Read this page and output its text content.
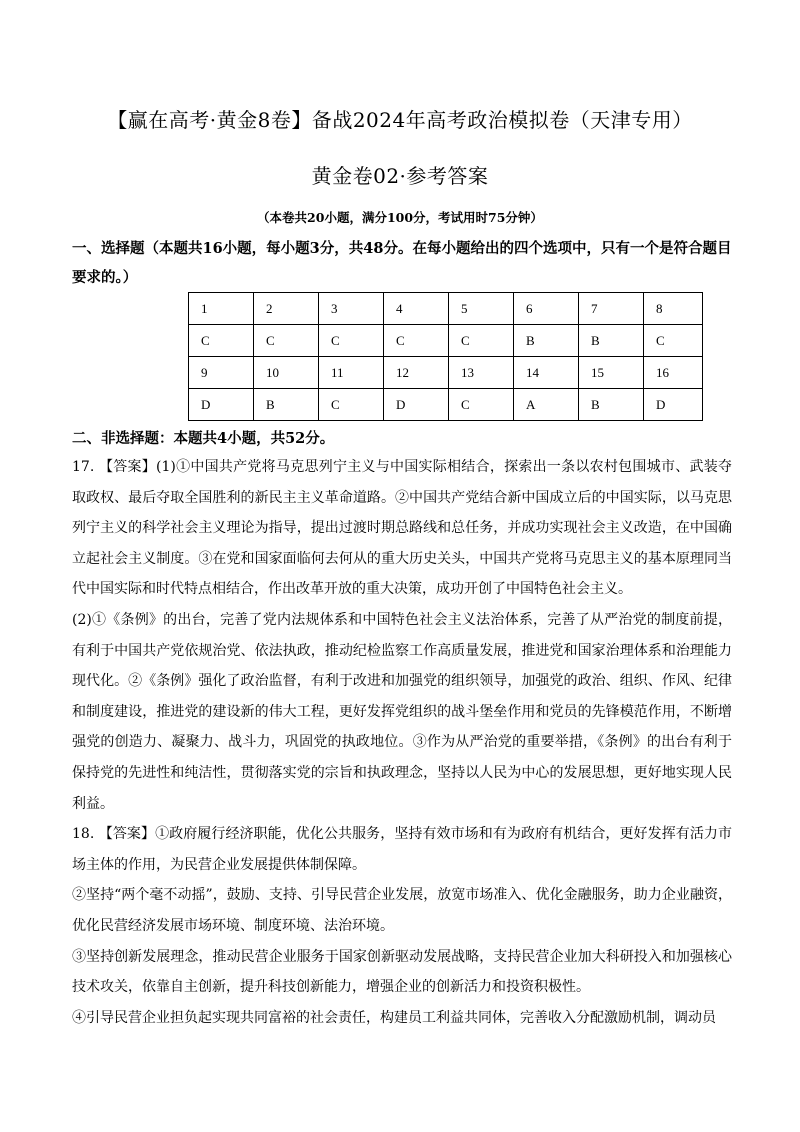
【赢在高考·黄金8卷】备战2024年高考政治模拟卷（天津专用）
黄金卷02·参考答案
（本卷共20小题，满分100分，考试用时75分钟）
一、选择题（本题共16小题，每小题3分，共48分。在每小题给出的四个选项中，只有一个是符合题目要求的。）
1	2	3	4	5	6	7	8
C	C	C	C	C	B	B	C
9	10	11	12	13	14	15	16
D	B	C	D	C	A	B	D
二、非选择题：本题共4小题，共52分。

17. 【答案】(1)①中国共产党将马克思列宁主义与中国实际相结合，探索出一条以农村包围城市、武装夺取政权、最后夺取全国胜利的新民主主义革命道路。②中国共产党结合新中国成立后的中国实际，以马克思列宁主义的科学社会主义理论为指导，提出过渡时期总路线和总任务，并成功实现社会主义改造，在中国确立起社会主义制度。③在党和国家面临何去何从的重大历史关头，中国共产党将马克思主义的基本原理同当代中国实际和时代特点相结合，作出改革开放的重大决策，成功开创了中国特色社会主义。

(2)①《条例》的出台，完善了党内法规体系和中国特色社会主义法治体系，完善了从严治党的制度前提，有利于中国共产党依规治党、依法执政，推动纪检监察工作高质量发展，推进党和国家治理体系和治理能力现代化。②《条例》强化了政治监督，有利于改进和加强党的组织领导，加强党的政治、组织、作风、纪律和制度建设，推进党的建设新的伟大工程，更好发挥党组织的战斗堡垒作用和党员的先锋模范作用，不断增强党的创造力、凝聚力、战斗力，巩固党的执政地位。③作为从严治党的重要举措，《条例》的出台有利于保持党的先进性和纯洁性，贯彻落实党的宗旨和执政理念，坚持以人民为中心的发展思想，更好地实现人民利益。

18. 【答案】①政府履行经济职能，优化公共服务，坚持有效市场和有为政府有机结合，更好发挥有活力市场主体的作用，为民营企业发展提供体制保障。

②坚持“两个毫不动摇”，鼓励、支持、引导民营企业发展，放宽市场准入、优化金融服务，助力企业融资，优化民营经济发展市场环境、制度环境、法治环境。

③坚持创新发展理念，推动民营企业服务于国家创新驱动发展战略，支持民营企业加大科研投入和加强核心技术攻关，依靠自主创新，提升科技创新能力，增强企业的创新活力和投资积极性。

④引导民营企业担负起实现共同富裕的社会责任，构建员工利益共同体，完善收入分配激励机制，调动员
